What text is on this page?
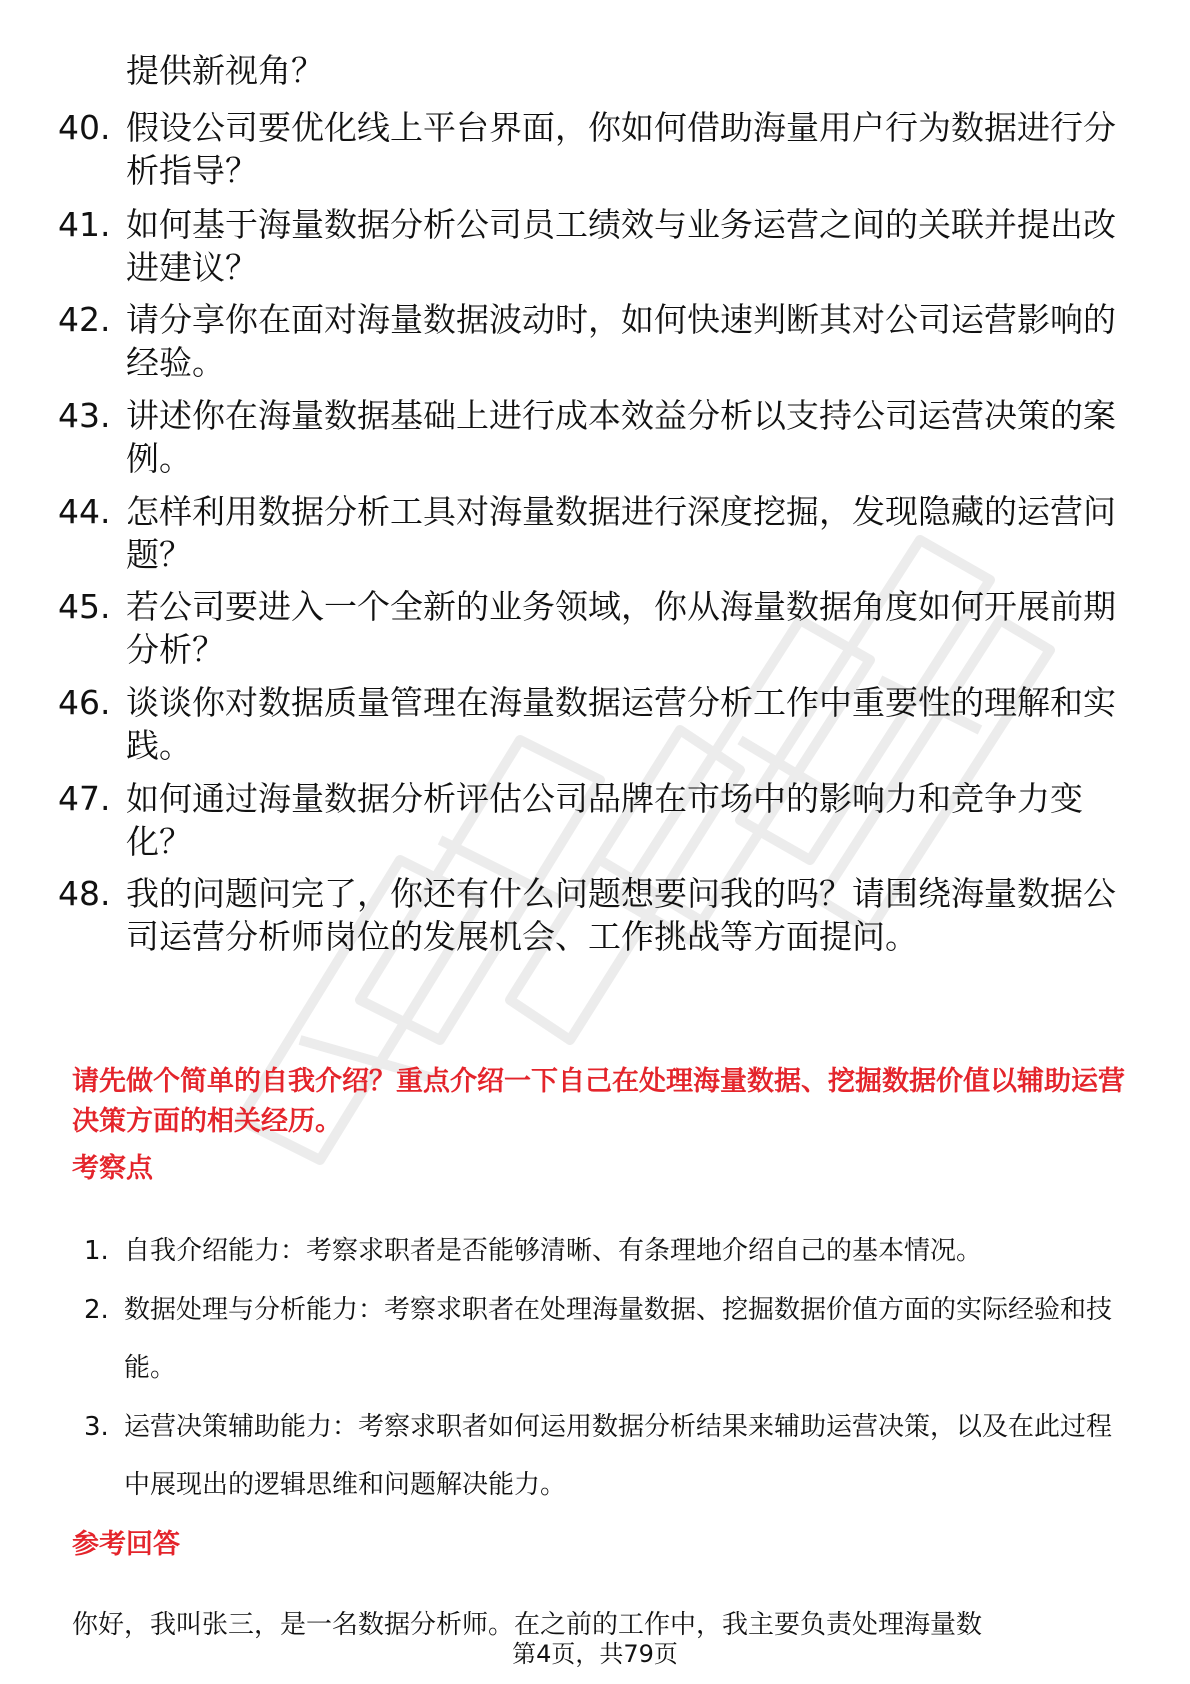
提供新视角？
40. 假设公司要优化线上平台界面，你如何借助海量用户行为数据进行分析指导？
41. 如何基于海量数据分析公司员工绩效与业务运营之间的关联并提出改进建议？
42. 请分享你在面对海量数据波动时，如何快速判断其对公司运营影响的经验。
43. 讲述你在海量数据基础上进行成本效益分析以支持公司运营决策的案例。
44. 怎样利用数据分析工具对海量数据进行深度挖掘，发现隐藏的运营问题？
45. 若公司要进入一个全新的业务领域，你从海量数据角度如何开展前期分析？
46. 谈谈你对数据质量管理在海量数据运营分析工作中重要性的理解和实践。
47. 如何通过海量数据分析评估公司品牌在市场中的影响力和竞争力变化？
48. 我的问题问完了，你还有什么问题想要问我的吗？请围绕海量数据公司运营分析师岗位的发展机会、工作挑战等方面提问。
请先做个简单的自我介绍？重点介绍一下自己在处理海量数据、挖掘数据价值以辅助运营决策方面的相关经历。
考察点
1. 自我介绍能力：考察求职者是否能够清晰、有条理地介绍自己的基本情况。
2. 数据处理与分析能力：考察求职者在处理海量数据、挖掘数据价值方面的实际经验和技能。
3. 运营决策辅助能力：考察求职者如何运用数据分析结果来辅助运营决策，以及在此过程中展现出的逻辑思维和问题解决能力。
参考回答
你好，我叫张三，是一名数据分析师。在之前的工作中，我主要负责处理海量数
第4页，共79页
